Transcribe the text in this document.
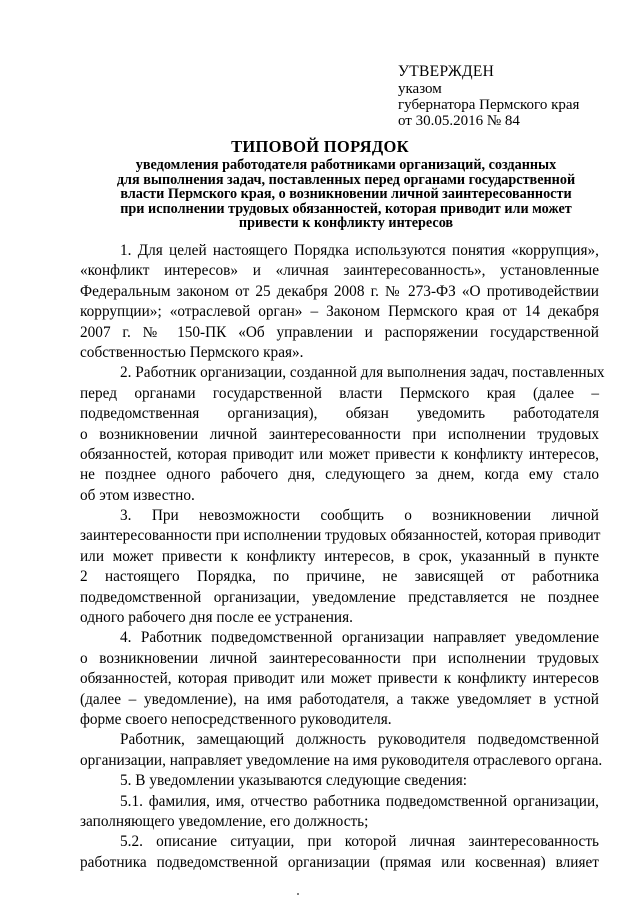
УТВЕРЖДЕН
указом
губернатора Пермского края
от 30.05.2016 № 84
ТИПОВОЙ ПОРЯДОК
уведомления работодателя работниками организаций, созданных
для выполнения задач, поставленных перед органами государственной
власти Пермского края, о возникновении личной заинтересованности
при исполнении трудовых обязанностей, которая приводит или может
привести к конфликту интересов
1. Для целей настоящего Порядка используются понятия «коррупция»,
«конфликт интересов» и «личная заинтересованность», установленные
Федеральным законом от 25 декабря 2008 г. № 273-ФЗ «О противодействии
коррупции»; «отраслевой орган» – Законом Пермского края от 14 декабря
2007 г. № 150-ПК «Об управлении и распоряжении государственной
собственностью Пермского края».
2. Работник организации, созданной для выполнения задач, поставленных
перед органами государственной власти Пермского края (далее –
подведомственная организация), обязан уведомить работодателя
о возникновении личной заинтересованности при исполнении трудовых
обязанностей, которая приводит или может привести к конфликту интересов,
не позднее одного рабочего дня, следующего за днем, когда ему стало
об этом известно.
3. При невозможности сообщить о возникновении личной
заинтересованности при исполнении трудовых обязанностей, которая приводит
или может привести к конфликту интересов, в срок, указанный в пункте
2 настоящего Порядка, по причине, не зависящей от работника
подведомственной организации, уведомление представляется не позднее
одного рабочего дня после ее устранения.
4. Работник подведомственной организации направляет уведомление
о возникновении личной заинтересованности при исполнении трудовых
обязанностей, которая приводит или может привести к конфликту интересов
(далее – уведомление), на имя работодателя, а также уведомляет в устной
форме своего непосредственного руководителя.
Работник, замещающий должность руководителя подведомственной
организации, направляет уведомление на имя руководителя отраслевого органа.
5. В уведомлении указываются следующие сведения:
5.1. фамилия, имя, отчество работника подведомственной организации,
заполняющего уведомление, его должность;
5.2. описание ситуации, при которой личная заинтересованность
работника подведомственной организации (прямая или косвенная) влияет
